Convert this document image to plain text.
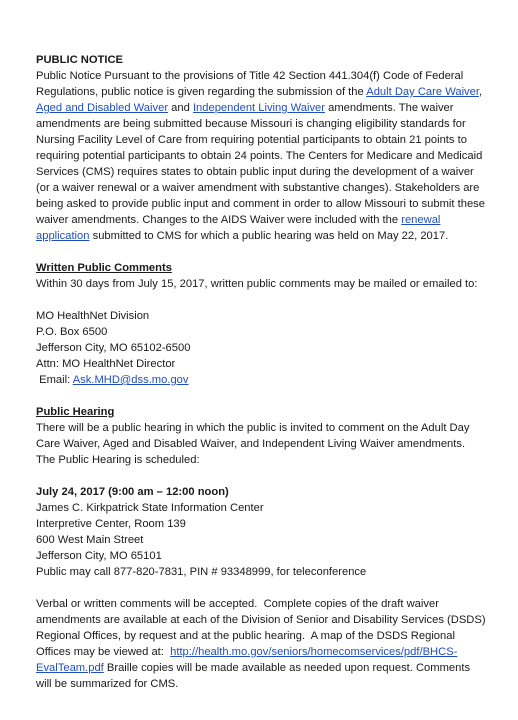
PUBLIC NOTICE

Public Notice Pursuant to the provisions of Title 42 Section 441.304(f) Code of Federal Regulations, public notice is given regarding the submission of the Adult Day Care Waiver, Aged and Disabled Waiver and Independent Living Waiver amendments. The waiver amendments are being submitted because Missouri is changing eligibility standards for Nursing Facility Level of Care from requiring potential participants to obtain 21 points to requiring potential participants to obtain 24 points. The Centers for Medicare and Medicaid Services (CMS) requires states to obtain public input during the development of a waiver (or a waiver renewal or a waiver amendment with substantive changes). Stakeholders are being asked to provide public input and comment in order to allow Missouri to submit these waiver amendments. Changes to the AIDS Waiver were included with the renewal application submitted to CMS for which a public hearing was held on May 22, 2017.

Written Public Comments

Within 30 days from July 15, 2017, written public comments may be mailed or emailed to:

MO HealthNet Division

P.O. Box 6500

Jefferson City, MO 65102-6500

Attn: MO HealthNet Director

Email: Ask.MHD@dss.mo.gov

Public Hearing

There will be a public hearing in which the public is invited to comment on the Adult Day Care Waiver, Aged and Disabled Waiver, and Independent Living Waiver amendments. The Public Hearing is scheduled:

July 24, 2017 (9:00 am – 12:00 noon)

James C. Kirkpatrick State Information Center

Interpretive Center, Room 139

600 West Main Street

Jefferson City, MO 65101

Public may call 877-820-7831, PIN # 93348999, for teleconference

Verbal or written comments will be accepted.  Complete copies of the draft waiver amendments are available at each of the Division of Senior and Disability Services (DSDS) Regional Offices, by request and at the public hearing.  A map of the DSDS Regional Offices may be viewed at:  http://health.mo.gov/seniors/homecomservices/pdf/BHCS-EvalTeam.pdf Braille copies will be made available as needed upon request. Comments will be summarized for CMS.
